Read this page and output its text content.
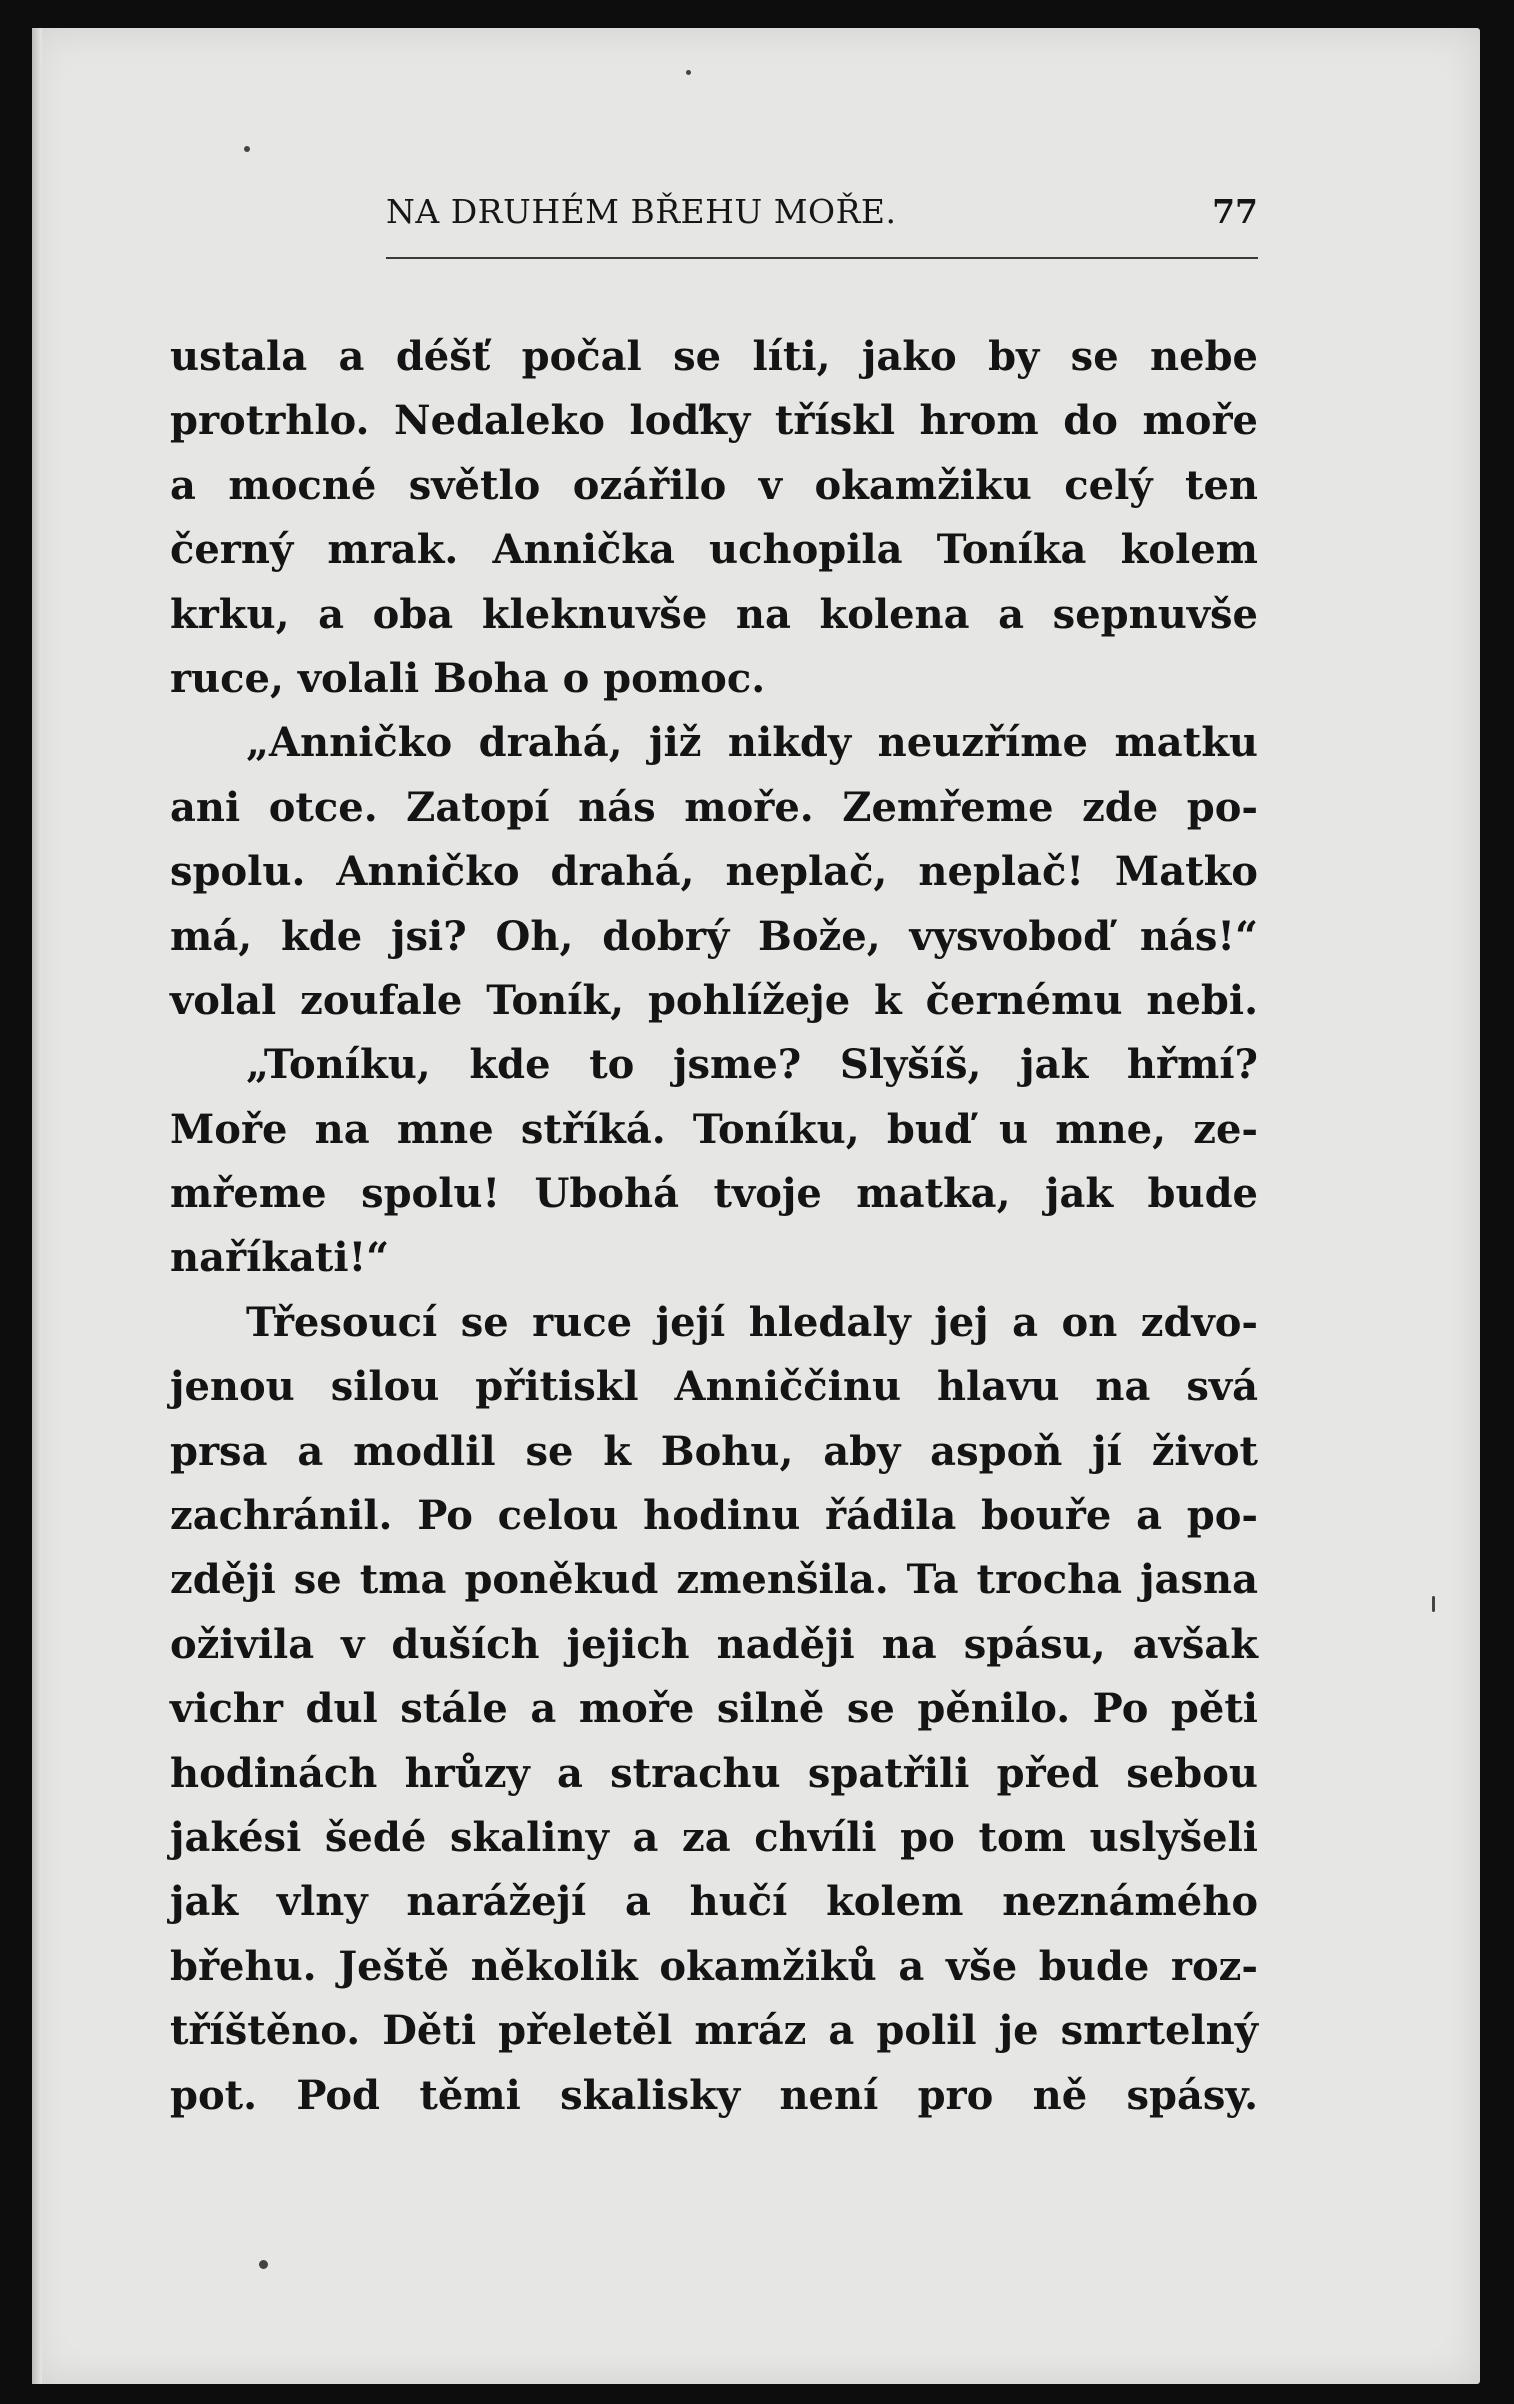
NA DRUHÉM BŘEHU MOŘE.	77
ustala a déšť počal se líti, jako by se nebe
protrhlo. Nedaleko loďky třískl hrom do moře
a mocné světlo ozářilo v okamžiku celý ten
černý mrak. Annička uchopila Toníka kolem
krku, a oba kleknuvše na kolena a sepnuvše
ruce, volali Boha o pomoc.
„Anničko drahá, již nikdy neuzříme matku
ani otce. Zatopí nás moře. Zemřeme zde po-
spolu. Anničko drahá, neplač, neplač! Matko
má, kde jsi? Oh, dobrý Bože, vysvoboď nás!“
volal zoufale Toník, pohlížeje k černému nebi.
„Toníku, kde to jsme? Slyšíš, jak hřmí?
Moře na mne stříká. Toníku, buď u mne, ze-
mřeme spolu! Ubohá tvoje matka, jak bude
naříkati!“
Třesoucí se ruce její hledaly jej a on zdvo-
jenou silou přitiskl Anniččinu hlavu na svá
prsa a modlil se k Bohu, aby aspoň jí život
zachránil. Po celou hodinu řádila bouře a po-
zději se tma poněkud zmenšila. Ta trocha jasna
oživila v duších jejich naději na spásu, avšak
vichr dul stále a moře silně se pěnilo. Po pěti
hodinách hrůzy a strachu spatřili před sebou
jakési šedé skaliny a za chvíli po tom uslyšeli
jak vlny narážejí a hučí kolem neznámého
břehu. Ještě několik okamžiků a vše bude roz-
tříštěno. Děti přeletěl mráz a polil je smrtelný
pot. Pod těmi skalisky není pro ně spásy.
